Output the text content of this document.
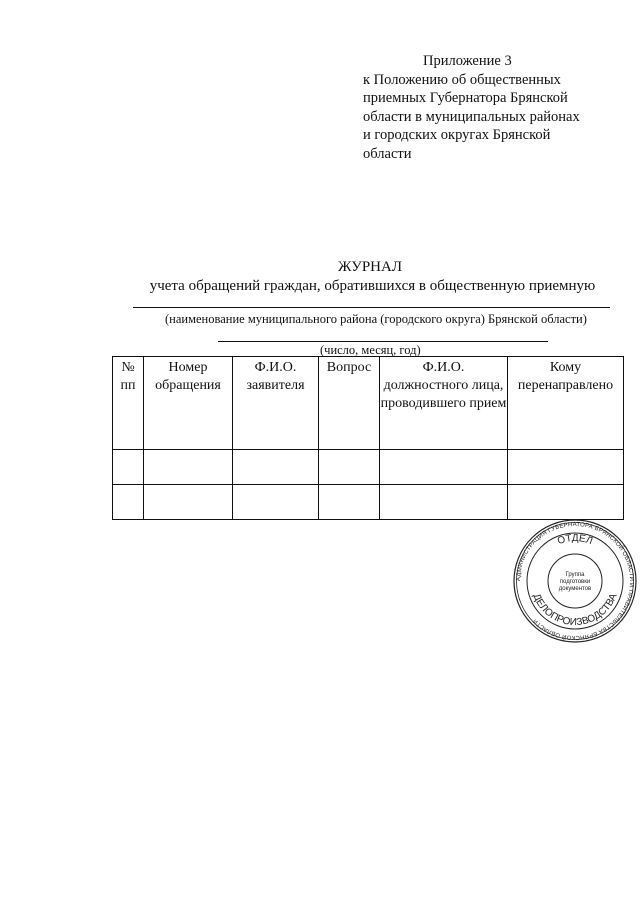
Приложение 3
к Положению об общественных
приемных Губернатора Брянской
области в муниципальных районах
и городских округах Брянской
области
ЖУРНАЛ
учета обращений граждан, обратившихся в общественную приемную
(наименование муниципального района (городского округа) Брянской области)
(число, месяц, год)
№ пп	Номер обращения	Ф.И.О. заявителя	Вопрос	Ф.И.О. должностного лица, проводившего прием	Кому перенаправлено

АДМИНИСТРАЦИЯ ГУБЕРНАТОРА БРЯНСКОЙ ОБЛАСТИ И ПРАВИТЕЛЬСТВА БРЯНСКОЙ ОБЛАСТИ
ОТДЕЛ
ДЕЛОПРОИЗВОДСТВА
Группа
подготовки
документов
